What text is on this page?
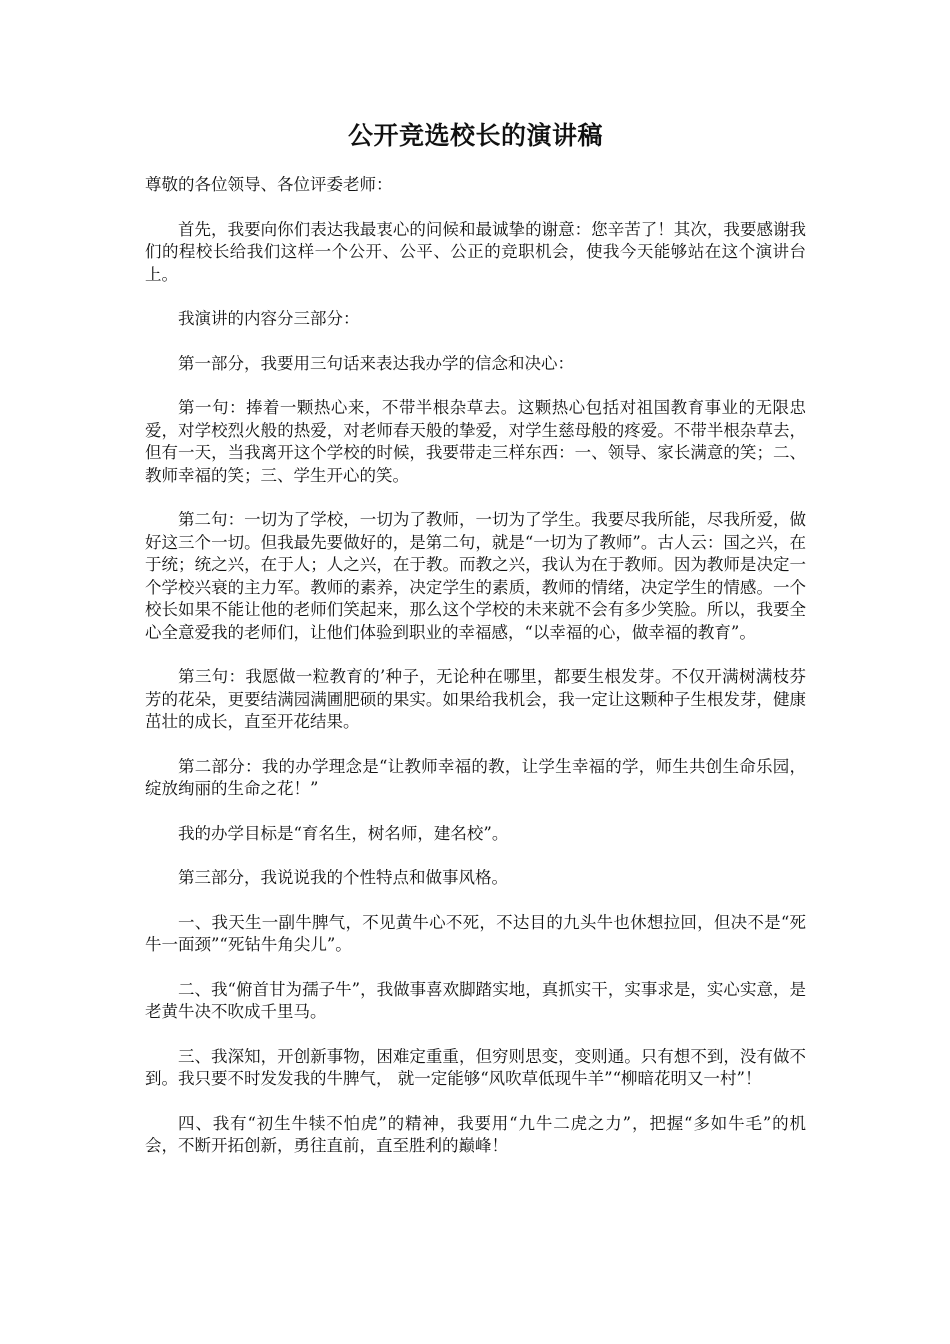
公开竞选校长的演讲稿
尊敬的各位领导、各位评委老师：
首先，我要向你们表达我最衷心的问候和最诚挚的谢意：您辛苦了！其次，我要感谢我们的程校长给我们这样一个公开、公平、公正的竞职机会，使我今天能够站在这个演讲台上。
我演讲的内容分三部分：
第一部分，我要用三句话来表达我办学的信念和决心：
第一句：捧着一颗热心来，不带半根杂草去。这颗热心包括对祖国教育事业的无限忠爱，对学校烈火般的热爱，对老师春天般的挚爱，对学生慈母般的疼爱。不带半根杂草去，但有一天，当我离开这个学校的时候，我要带走三样东西：一、领导、家长满意的笑；二、教师幸福的笑；三、学生开心的笑。
第二句：一切为了学校，一切为了教师，一切为了学生。我要尽我所能，尽我所爱，做好这三个一切。但我最先要做好的，是第二句，就是“一切为了教师”。古人云：国之兴，在于统；统之兴，在于人；人之兴，在于教。而教之兴，我认为在于教师。因为教师是决定一个学校兴衰的主力军。教师的素养，决定学生的素质，教师的情绪，决定学生的情感。一个校长如果不能让他的老师们笑起来，那么这个学校的未来就不会有多少笑脸。所以，我要全心全意爱我的老师们，让他们体验到职业的幸福感，“以幸福的心，做幸福的教育”。
第三句：我愿做一粒教育的’种子，无论种在哪里，都要生根发芽。不仅开满树满枝芬芳的花朵，更要结满园满圃肥硕的果实。如果给我机会，我一定让这颗种子生根发芽，健康茁壮的成长，直至开花结果。
第二部分：我的办学理念是“让教师幸福的教，让学生幸福的学，师生共创生命乐园，绽放绚丽的生命之花！”
我的办学目标是“育名生，树名师，建名校”。
第三部分，我说说我的个性特点和做事风格。
一、我天生一副牛脾气，不见黄牛心不死，不达目的九头牛也休想拉回，但决不是“死牛一面颈”“死钻牛角尖儿”。
二、我“俯首甘为孺子牛”，我做事喜欢脚踏实地，真抓实干，实事求是，实心实意，是老黄牛决不吹成千里马。
三、我深知，开创新事物，困难定重重，但穷则思变，变则通。只有想不到，没有做不到。我只要不时发发我的牛脾气， 就一定能够“风吹草低现牛羊”“柳暗花明又一村”！
四、我有“初生牛犊不怕虎”的精神，我要用“九牛二虎之力”，把握“多如牛毛”的机会，不断开拓创新，勇往直前，直至胜利的巅峰！
